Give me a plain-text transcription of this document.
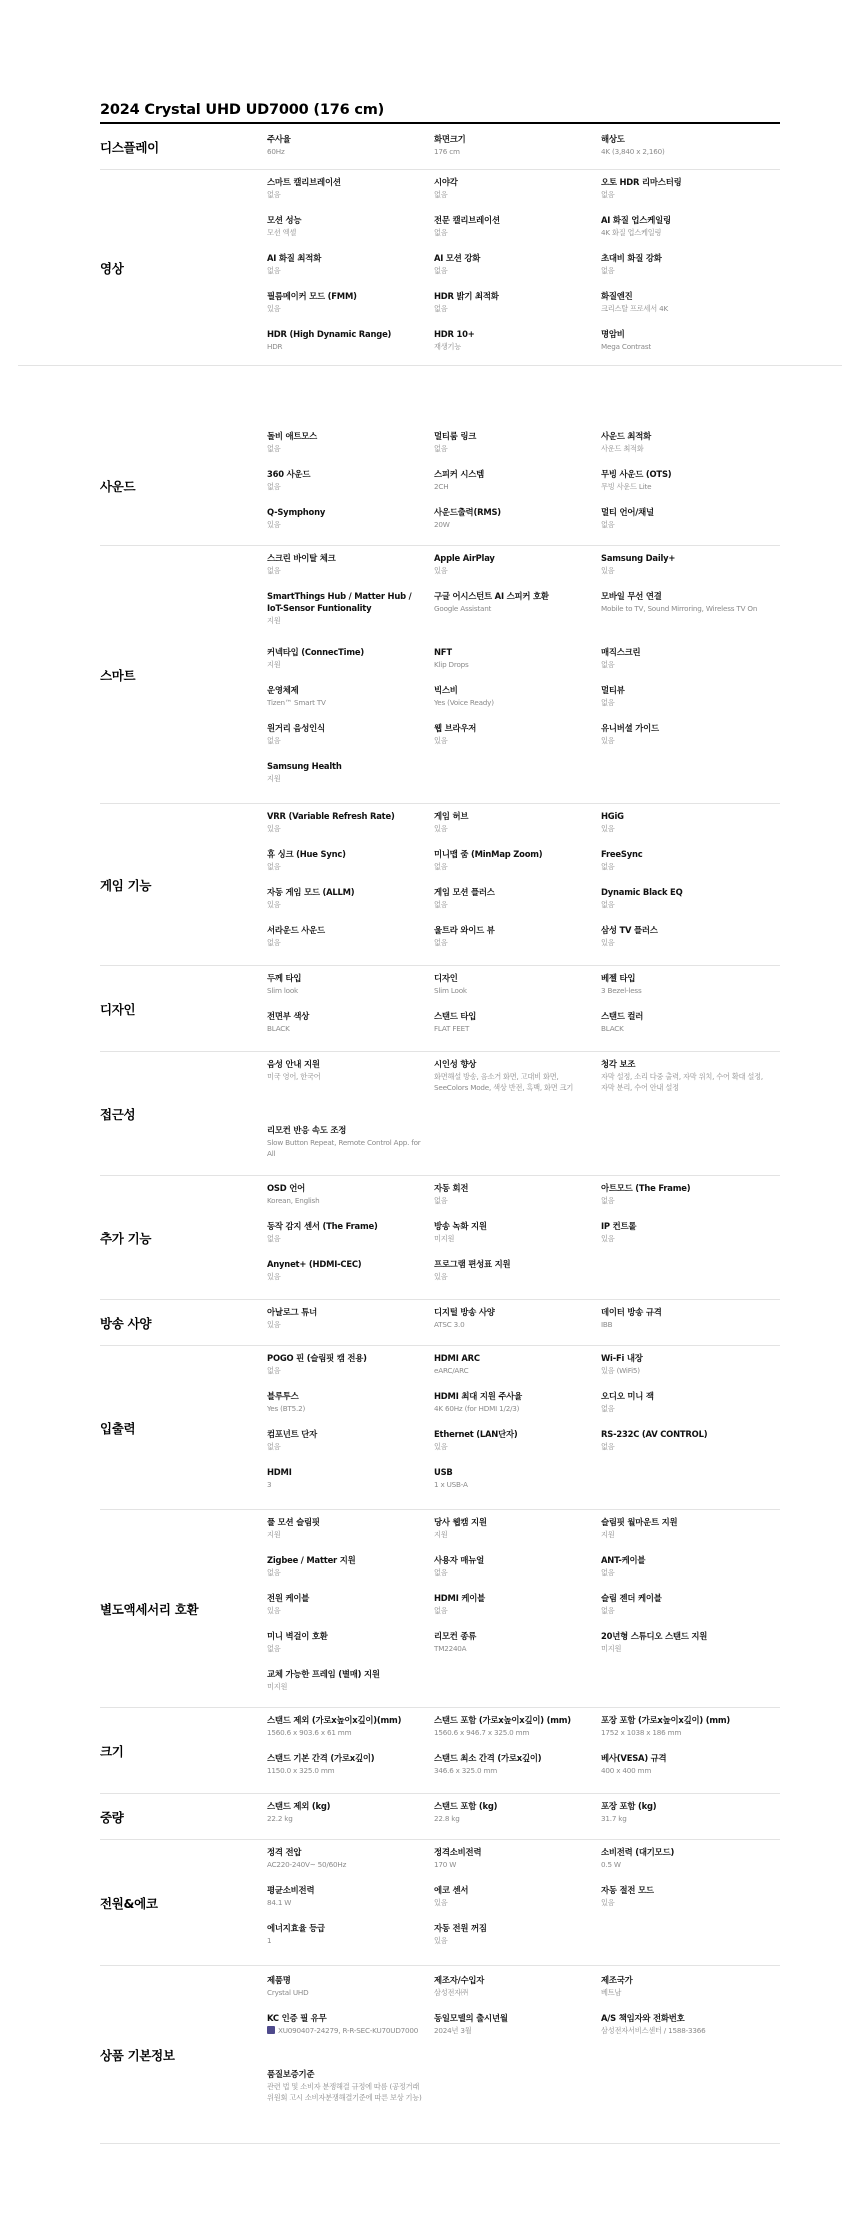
2024 Crystal UHD UD7000 (176 cm)
디스플레이
주사율
60Hz
화면크기
176 cm
해상도
4K (3,840 x 2,160)
영상
스마트 캘리브레이션
없음
시야각
없음
오토 HDR 리마스터링
없음
모션 성능
모션 엑셀
전문 캘리브레이션
없음
AI 화질 업스케일링
4K 화질 업스케일링
AI 화질 최적화
없음
AI 모션 강화
없음
초대비 화질 강화
없음
필름메이커 모드 (FMM)
있음
HDR 밝기 최적화
없음
화질엔진
크리스탈 프로세서 4K
HDR (High Dynamic Range)
HDR
HDR 10+
재생기능
명암비
Mega Contrast
사운드
돌비 애트모스
없음
멀티룸 링크
없음
사운드 최적화
사운드 최적화
360 사운드
없음
스피커 시스템
2CH
무빙 사운드 (OTS)
무빙 사운드 Lite
Q-Symphony
있음
사운드출력(RMS)
20W
멀티 언어/채널
없음
스마트
스크린 바이탈 체크
없음
Apple AirPlay
있음
Samsung Daily+
있음
SmartThings Hub / Matter Hub / IoT-Sensor Funtionality
지원
구글 어시스턴트 AI 스피커 호환
Google Assistant
모바일 무선 연결
Mobile to TV, Sound Mirroring, Wireless TV On
커넥타입 (ConnecTime)
지원
NFT
Klip Drops
매직스크린
없음
운영체제
Tizen™ Smart TV
빅스비
Yes (Voice Ready)
멀티뷰
없음
원거리 음성인식
없음
웹 브라우저
있음
유니버셜 가이드
있음
Samsung Health
지원
게임 기능
VRR (Variable Refresh Rate)
있음
게임 허브
있음
HGiG
있음
휴 싱크 (Hue Sync)
없음
미니맵 줌 (MinMap Zoom)
없음
FreeSync
없음
자동 게임 모드 (ALLM)
있음
게임 모션 플러스
없음
Dynamic Black EQ
없음
서라운드 사운드
없음
울트라 와이드 뷰
없음
삼성 TV 플러스
있음
디자인
두께 타입
Slim look
디자인
Slim Look
베젤 타입
3 Bezel-less
전면부 색상
BLACK
스탠드 타입
FLAT FEET
스탠드 컬러
BLACK
접근성
음성 안내 지원
미국 영어, 한국어
시인성 향상
화면해설 방송, 음소거 화면, 고대비 화면, SeeColors Mode, 색상 반전, 흑백, 화면 크기
청각 보조
자막 설정, 소리 다중 출력, 자막 위치, 수어 확대 설정, 자막 분리, 수어 안내 설정
리모컨 반응 속도 조정
Slow Button Repeat, Remote Control App. for All
추가 기능
OSD 언어
Korean, English
자동 회전
없음
아트모드 (The Frame)
없음
동작 감지 센서 (The Frame)
없음
방송 녹화 지원
미지원
IP 컨트롤
있음
Anynet+ (HDMI-CEC)
있음
프로그램 편성표 지원
있음
방송 사양
아날로그 튜너
있음
디지털 방송 사양
ATSC 3.0
데이터 방송 규격
IBB
입출력
POGO 핀 (슬림핏 캠 전용)
없음
HDMI ARC
eARC/ARC
Wi-Fi 내장
있음 (WiFi5)
블루투스
Yes (BT5.2)
HDMI 최대 지원 주사율
4K 60Hz (for HDMI 1/2/3)
오디오 미니 잭
없음
컴포넌트 단자
없음
Ethernet (LAN단자)
있음
RS-232C (AV CONTROL)
없음
HDMI
3
USB
1 x USB-A
별도액세서리 호환
풀 모션 슬림핏
지원
당사 웹캠 지원
지원
슬림핏 월마운트 지원
지원
Zigbee / Matter 지원
없음
사용자 매뉴얼
없음
ANT-케이블
없음
전원 케이블
있음
HDMI 케이블
없음
슬림 젠더 케이블
없음
미니 벽걸이 호환
없음
리모컨 종류
TM2240A
20년형 스튜디오 스탠드 지원
미지원
교체 가능한 프레임 (별매) 지원
미지원
크기
스탠드 제외 (가로x높이x깊이)(mm)
1560.6 x 903.6 x 61 mm
스탠드 포함 (가로x높이x깊이) (mm)
1560.6 x 946.7 x 325.0 mm
포장 포함 (가로x높이x깊이) (mm)
1752 x 1038 x 186 mm
스탠드 기본 간격 (가로x깊이)
1150.0 x 325.0 mm
스탠드 최소 간격 (가로x깊이)
346.6 x 325.0 mm
베사(VESA) 규격
400 x 400 mm
중량
스탠드 제외 (kg)
22.2 kg
스탠드 포함 (kg)
22.8 kg
포장 포함 (kg)
31.7 kg
전원&에코
정격 전압
AC220-240V~ 50/60Hz
정격소비전력
170 W
소비전력 (대기모드)
0.5 W
평균소비전력
84.1 W
에코 센서
있음
자동 절전 모드
있음
에너지효율 등급
1
자동 전원 꺼짐
있음
상품 기본정보
제품명
Crystal UHD
제조자/수입자
삼성전자㈜
제조국가
베트남
KC 인증 필 유무
XU090407-24279, R-R-SEC-KU70UD7000
동일모델의 출시년월
2024년 3월
A/S 책임자와 전화번호
삼성전자서비스센터 / 1588-3366
품질보증기준
관련 법 및 소비자 분쟁해결 규정에 따름 (공정거래위원회 고시 소비자분쟁해결기준에 따른 보상 기능)
